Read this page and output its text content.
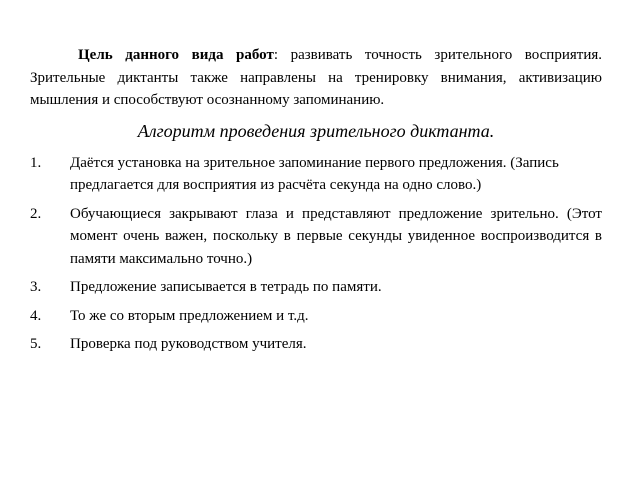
Цель данного вида работ: развивать точность зрительного восприятия. Зрительные диктанты также направлены на тренировку внимания, активизацию мышления и способствуют осознанному запоминанию.

Алгоритм проведения зрительного диктанта.
1. Даётся установка на зрительное запоминание первого предложения. (Запись предлагается для восприятия из расчёта секунда на одно слово.)
2. Обучающиеся закрывают глаза и представляют предложение зрительно. (Этот момент очень важен, поскольку в первые секунды увиденное воспроизводится в памяти максимально точно.)
3. Предложение записывается в тетрадь по памяти.
4. То же со вторым предложением и т.д.
5. Проверка под руководством учителя.
